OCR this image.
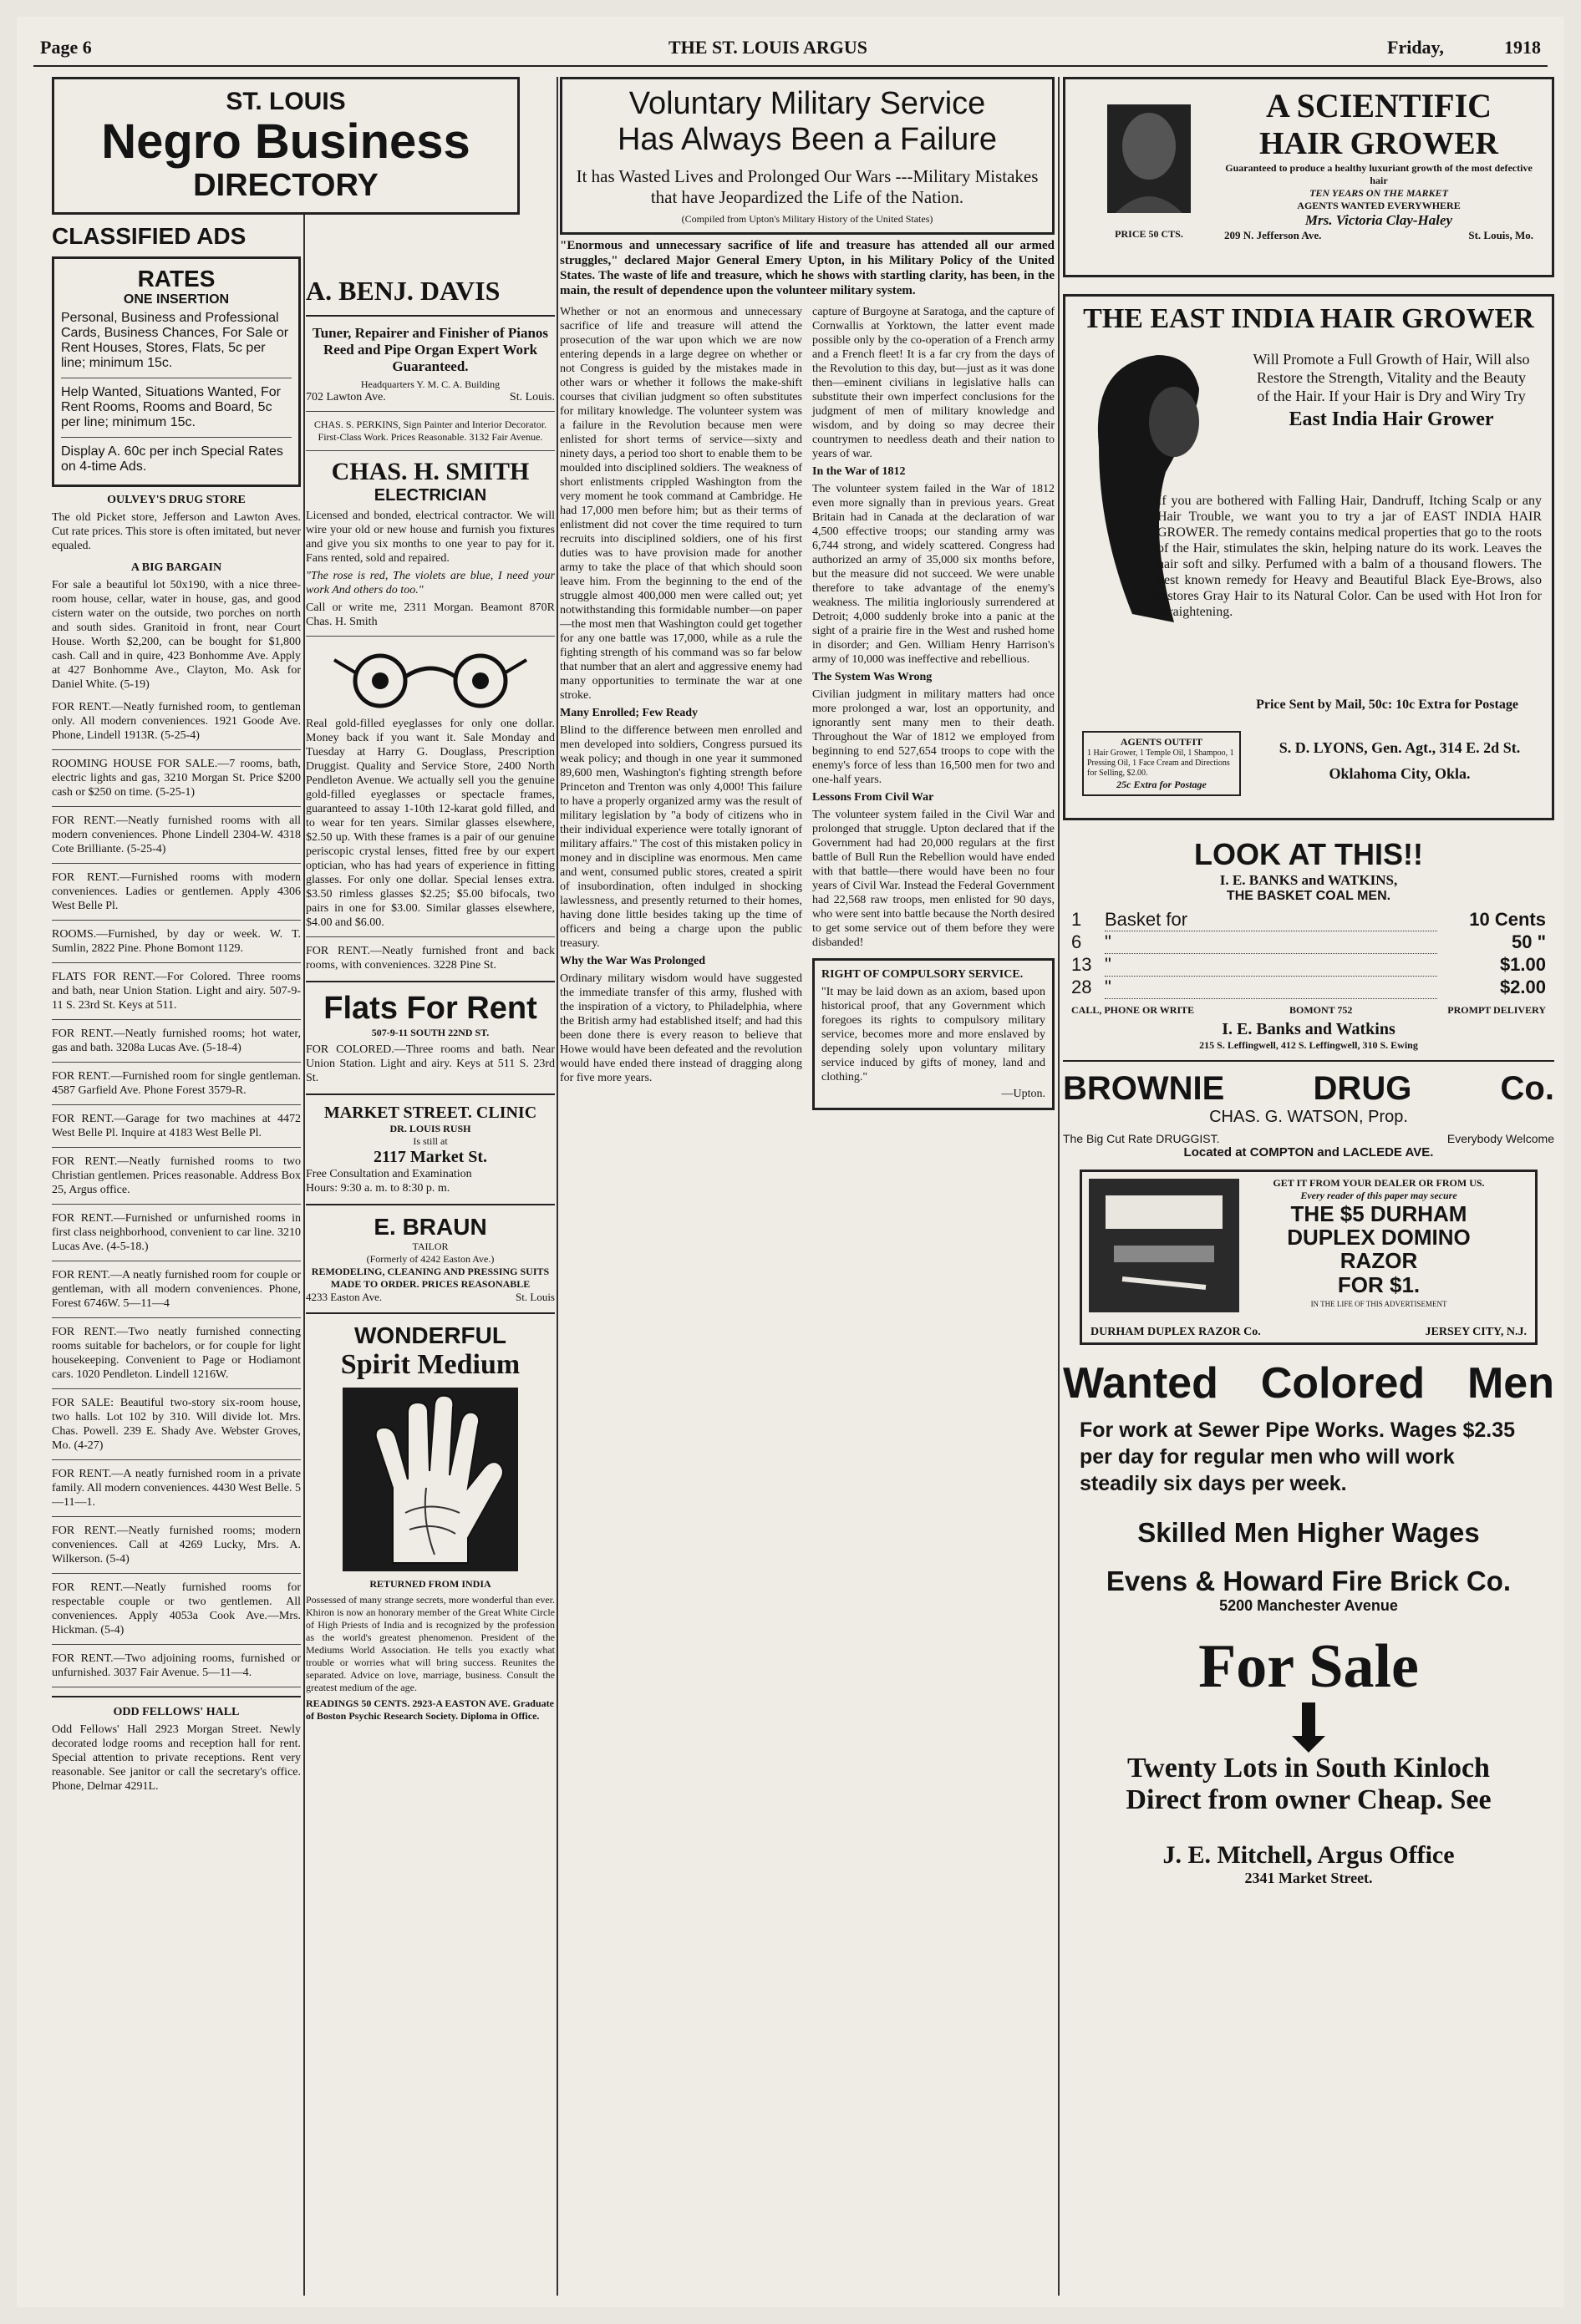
Page 6	THE ST. LOUIS ARGUS	Friday,	1918
ST. LOUIS
Negro Business
DIRECTORY
CLASSIFIED ADS
RATES
ONE INSERTION

Personal, Business and Professional Cards, Business Chances, For Sale or Rent Houses, Stores, Flats, 5c per line; minimum 15c.

Help Wanted, Situations Wanted, For Rent Rooms, Rooms and Board, 5c per line; minimum 15c.

Display A. 60c per inch Special Rates on 4-time Ads.

OULVEY'S DRUG STORE

The old Picket store, Jefferson and Lawton Aves. Cut rate prices. This store is often imitated, but never equaled.

A BIG BARGAIN

For sale a beautiful lot 50x190, with a nice three-room house, cellar, water in house, gas, and good cistern water on the outside, two porches on north and south sides. Granitoid in front, near Court House. Worth $2,200, can be bought for $1,800 cash. Call and in quire, 423 Bonhomme Ave. Apply at 427 Bonhomme Ave., Clayton, Mo. Ask for Daniel White. (5-19)

FOR RENT.—Neatly furnished room, to gentleman only. All modern conveniences. 1921 Goode Ave. Phone, Lindell 1913R. (5-25-4)

ROOMING HOUSE FOR SALE.—7 rooms, bath, electric lights and gas, 3210 Morgan St. Price $200 cash or $250 on time. (5-25-1)

FOR RENT.—Neatly furnished rooms with all modern conveniences. Phone Lindell 2304-W. 4318 Cote Brilliante. (5-25-4)

FOR RENT.—Furnished rooms with modern conveniences. Ladies or gentlemen. Apply 4306 West Belle Pl.

ROOMS.—Furnished, by day or week. W. T. Sumlin, 2822 Pine. Phone Bomont 1129.

FLATS FOR RENT.—For Colored. Three rooms and bath, near Union Station. Light and airy. 507-9-11 S. 23rd St. Keys at 511.

FOR RENT.—Neatly furnished rooms; hot water, gas and bath. 3208a Lucas Ave. (5-18-4)

FOR RENT.—Furnished room for single gentleman. 4587 Garfield Ave. Phone Forest 3579-R.

FOR RENT.—Garage for two machines at 4472 West Belle Pl. Inquire at 4183 West Belle Pl.

FOR RENT.—Neatly furnished rooms to two Christian gentlemen. Prices reasonable. Address Box 25, Argus office.

FOR RENT.—Furnished or unfurnished rooms in first class neighborhood, convenient to car line. 3210 Lucas Ave. (4-5-18.)

FOR RENT.—A neatly furnished room for couple or gentleman, with all modern conveniences. Phone, Forest 6746W. 5—11—4

FOR RENT.—Two neatly furnished connecting rooms suitable for bachelors, or for couple for light housekeeping. Convenient to Page or Hodiamont cars. 1020 Pendleton. Lindell 1216W.

FOR SALE: Beautiful two-story six-room house, two halls. Lot 102 by 310. Will divide lot. Mrs. Chas. Powell. 239 E. Shady Ave. Webster Groves, Mo. (4-27)

FOR RENT.—A neatly furnished room in a private family. All modern conveniences. 4430 West Belle. 5—11—1.

FOR RENT.—Neatly furnished rooms; modern conveniences. Call at 4269 Lucky, Mrs. A. Wilkerson. (5-4)

FOR RENT.—Neatly furnished rooms for respectable couple or two gentlemen. All conveniences. Apply 4053a Cook Ave.—Mrs. Hickman. (5-4)

FOR RENT.—Two adjoining rooms, furnished or unfurnished. 3037 Fair Avenue. 5—11—4.

ODD FELLOWS' HALL

Odd Fellows' Hall 2923 Morgan Street. Newly decorated lodge rooms and reception hall for rent. Special attention to private receptions. Rent very reasonable. See janitor or call the secretary's office. Phone, Delmar 4291L.

A. BENJ. DAVIS

Tuner, Repairer and Finisher of Pianos Reed and Pipe Organ Expert Work Guaranteed.

Headquarters Y. M. C. A. Building
702 Lawton Ave.	St. Louis.

CHAS. S. PERKINS, Sign Painter and Interior Decorator. First-Class Work. Prices Reasonable. 3132 Fair Avenue.

CHAS. H. SMITH
ELECTRICIAN

Licensed and bonded, electrical contractor. We will wire your old or new house and furnish you fixtures and give you six months to one year to pay for it. Fans rented, sold and repaired.

"The rose is red, The violets are blue, I need your work And others do too."

Call or write me, 2311 Morgan. Beamont 870R Chas. H. Smith

Real gold-filled eyeglasses for only one dollar. Money back if you want it. Sale Monday and Tuesday at Harry G. Douglass, Prescription Druggist. Quality and Service Store, 2400 North Pendleton Avenue. We actually sell you the genuine gold-filled eyeglasses or spectacle frames, guaranteed to assay 1-10th 12-karat gold filled, and to wear for ten years. Similar glasses elsewhere, $2.50 up. With these frames is a pair of our genuine periscopic crystal lenses, fitted free by our expert optician, who has had years of experience in fitting glasses. For only one dollar. Special lenses extra. $3.50 rimless glasses $2.25; $5.00 bifocals, two pairs in one for $3.00. Similar glasses elsewhere, $4.00 and $6.00.

FOR RENT.—Neatly furnished front and back rooms, with conveniences. 3228 Pine St.

Flats For Rent
507-9-11 SOUTH 22ND ST.

FOR COLORED.—Three rooms and bath. Near Union Station. Light and airy. Keys at 511 S. 23rd St.

MARKET STREET. CLINIC
DR. LOUIS RUSH
Is still at
2117 Market St.
Free Consultation and Examination
Hours: 9:30 a. m. to 8:30 p. m.
E. BRAUN
TAILOR
(Formerly of 4242 Easton Ave.)
REMODELING, CLEANING AND PRESSING SUITS MADE TO ORDER. PRICES REASONABLE
4233 Easton Ave.	St. Louis
WONDERFUL
Spirit Medium
RETURNED FROM INDIA

Possessed of many strange secrets, more wonderful than ever. Khiron is now an honorary member of the Great White Circle of High Priests of India and is recognized by the profession as the world's greatest phenomenon. President of the Mediums World Association. He tells you exactly what trouble or worries what will bring success. Reunites the separated. Advice on love, marriage, business. Consult the greatest medium of the age.

READINGS 50 CENTS. 2923-A EASTON AVE. Graduate of Boston Psychic Research Society. Diploma in Office.

Voluntary Military Service
Has Always Been a Failure
It has Wasted Lives and Prolonged Our Wars ---Military Mistakes that have Jeopardized the Life of the Nation.
(Compiled from Upton's Military History of the United States)

"Enormous and unnecessary sacrifice of life and treasure has attended all our armed struggles," declared Major General Emery Upton, in his Military Policy of the United States. The waste of life and treasure, which he shows with startling clarity, has been, in the main, the result of dependence upon the volunteer military system.

Whether or not an enormous and unnecessary sacrifice of life and treasure will attend the prosecution of the war upon which we are now entering depends in a large degree on whether or not Congress is guided by the mistakes made in other wars or whether it follows the make-shift courses that civilian judgment so often substitutes for military knowledge. The volunteer system was a failure in the Revolution because men were enlisted for short terms of service—sixty and ninety days, a period too short to enable them to be moulded into disciplined soldiers. The weakness of short enlistments crippled Washington from the very moment he took command at Cambridge. He had 17,000 men before him; but as their terms of enlistment did not cover the time required to turn recruits into disciplined soldiers, one of his first duties was to have provision made for another army to take the place of that which should soon leave him. From the beginning to the end of the struggle almost 400,000 men were called out; yet notwithstanding this formidable number—on paper—the most men that Washington could get together for any one battle was 17,000, while as a rule the fighting strength of his command was so far below that number that an alert and aggressive enemy had many opportunities to terminate the war at one stroke.

Many Enrolled; Few Ready

Blind to the difference between men enrolled and men developed into soldiers, Congress pursued its weak policy; and though in one year it summoned 89,600 men, Washington's fighting strength before Princeton and Trenton was only 4,000! This failure to have a properly organized army was the result of military legislation by "a body of citizens who in their individual experience were totally ignorant of military affairs." The cost of this mistaken policy in money and in discipline was enormous. Men came and went, consumed public stores, created a spirit of insubordination, often indulged in shocking lawlessness, and presently returned to their homes, having done little besides taking up the time of officers and being a charge upon the public treasury.

Why the War Was Prolonged

Ordinary military wisdom would have suggested the immediate transfer of this army, flushed with the inspiration of a victory, to Philadelphia, where the British army had established itself; and had this been done there is every reason to believe that Howe would have been defeated and the revolution would have ended there instead of dragging along for five more years.

capture of Burgoyne at Saratoga, and the capture of Cornwallis at Yorktown, the latter event made possible only by the co-operation of a French army and a French fleet! It is a far cry from the days of the Revolution to this day, but—just as it was done then—eminent civilians in legislative halls can substitute their own imperfect conclusions for the judgment of men of military knowledge and wisdom, and by doing so may decree their countrymen to needless death and their nation to years of war.

In the War of 1812

The volunteer system failed in the War of 1812 even more signally than in previous years. Great Britain had in Canada at the declaration of war 4,500 effective troops; our standing army was 6,744 strong, and widely scattered. Congress had authorized an army of 35,000 six months before, but the measure did not succeed. We were unable therefore to take advantage of the enemy's weakness. The militia ingloriously surrendered at Detroit; 4,000 suddenly broke into a panic at the sight of a prairie fire in the West and rushed home in disorder; and Gen. William Henry Harrison's army of 10,000 was ineffective and rebellious.

The System Was Wrong

Civilian judgment in military matters had once more prolonged a war, lost an opportunity, and ignorantly sent many men to their death. Throughout the War of 1812 we employed from beginning to end 527,654 troops to cope with the enemy's force of less than 16,500 men for two and one-half years.

Lessons From Civil War

The volunteer system failed in the Civil War and prolonged that struggle. Upton declared that if the Government had had 20,000 regulars at the first battle of Bull Run the Rebellion would have ended with that battle—there would have been no four years of Civil War. Instead the Federal Government had 22,568 raw troops, men enlisted for 90 days, who were sent into battle because the North desired to get some service out of them before they were disbanded!

RIGHT OF COMPULSORY SERVICE.

"It may be laid down as an axiom, based upon historical proof, that any Government which foregoes its rights to compulsory military service, becomes more and more enslaved by depending solely upon voluntary military service induced by gifts of money, land and clothing."

—Upton.
PRICE 50 CTS.
A SCIENTIFIC
HAIR GROWER
Guaranteed to produce a healthy luxuriant growth of the most defective hair
TEN YEARS ON THE MARKET
AGENTS WANTED EVERYWHERE
Mrs. Victoria Clay-Haley
209 N. Jefferson Ave.	St. Louis, Mo.
THE EAST INDIA HAIR GROWER

Will Promote a Full Growth of Hair, Will also Restore the Strength, Vitality and the Beauty of the Hair. If your Hair is Dry and Wiry Try

East India Hair Grower

If you are bothered with Falling Hair, Dandruff, Itching Scalp or any Hair Trouble, we want you to try a jar of EAST INDIA HAIR GROWER. The remedy contains medical properties that go to the roots of the Hair, stimulates the skin, helping nature do its work. Leaves the hair soft and silky. Perfumed with a balm of a thousand flowers. The best known remedy for Heavy and Beautiful Black Eye-Brows, also restores Gray Hair to its Natural Color. Can be used with Hot Iron for Straightening.

Price Sent by Mail, 50c: 10c Extra for Postage
AGENTS OUTFIT
1 Hair Grower, 1 Temple Oil, 1 Shampoo, 1 Pressing Oil, 1 Face Cream and Directions for Selling, $2.00.
25c Extra for Postage
S. D. LYONS, Gen. Agt., 314 E. 2d St.
Oklahoma City, Okla.
LOOK AT THIS!!
I. E. BANKS and WATKINS,
THE BASKET COAL MEN.
1	Basket for	10 Cents
6	"	50 "
13 "	$1.00
28 "	$2.00
CALL, PHONE OR WRITE	BOMONT 752	PROMPT DELIVERY
I. E. Banks and Watkins
215 S. Leffingwell, 412 S. Leffingwell, 310 S. Ewing
BROWNIE	DRUG	Co.
CHAS. G. WATSON, Prop.
The Big Cut Rate DRUGGIST.	Everybody Welcome
Located at COMPTON and LACLEDE AVE.
GET IT FROM YOUR DEALER OR FROM US.
Every reader of this paper may secure
THE $5 DURHAM DUPLEX DOMINO RAZOR
FOR $1.
IN THE LIFE OF THIS ADVERTISEMENT
DURHAM DUPLEX RAZOR Co.	JERSEY CITY, N.J.
Wanted Colored Men

For work at Sewer Pipe Works. Wages $2.35 per day for regular men who will work steadily six days per week.

Skilled Men Higher Wages
Evens & Howard Fire Brick Co.
5200 Manchester Avenue
For Sale
Twenty Lots in South Kinloch
Direct from owner Cheap. See
J. E. Mitchell, Argus Office
2341 Market Street.
